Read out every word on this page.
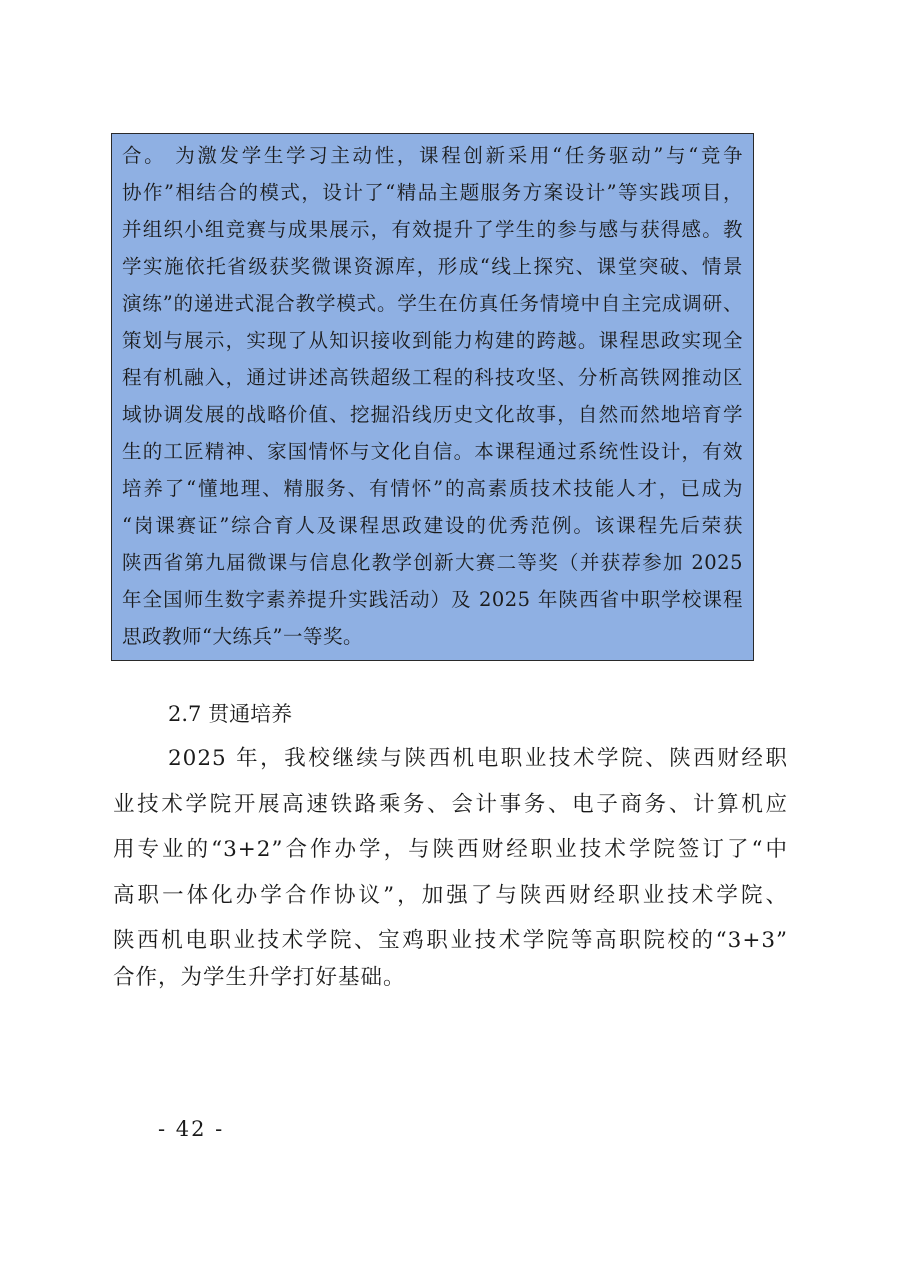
合。 为激发学生学习主动性，课程创新采用“任务驱动”与“竞争
协作”相结合的模式，设计了“精品主题服务方案设计”等实践项目，
并组织小组竞赛与成果展示，有效提升了学生的参与感与获得感。教
学实施依托省级获奖微课资源库，形成“线上探究、课堂突破、情景
演练”的递进式混合教学模式。学生在仿真任务情境中自主完成调研、
策划与展示，实现了从知识接收到能力构建的跨越。课程思政实现全
程有机融入，通过讲述高铁超级工程的科技攻坚、分析高铁网推动区
域协调发展的战略价值、挖掘沿线历史文化故事，自然而然地培育学
生的工匠精神、家国情怀与文化自信。本课程通过系统性设计，有效
培养了“懂地理、精服务、有情怀”的高素质技术技能人才，已成为
“岗课赛证”综合育人及课程思政建设的优秀范例。该课程先后荣获
陕西省第九届微课与信息化教学创新大赛二等奖（并获荐参加 2025
年全国师生数字素养提升实践活动）及 2025 年陕西省中职学校课程
思政教师“大练兵”一等奖。
2.7 贯通培养
2025 年，我校继续与陕西机电职业技术学院、陕西财经职
业技术学院开展高速铁路乘务、会计事务、电子商务、计算机应
用专业的“3+2”合作办学，与陕西财经职业技术学院签订了“中
高职一体化办学合作协议”，加强了与陕西财经职业技术学院、
陕西机电职业技术学院、宝鸡职业技术学院等高职院校的“3+3”
合作，为学生升学打好基础。
- 42 -
